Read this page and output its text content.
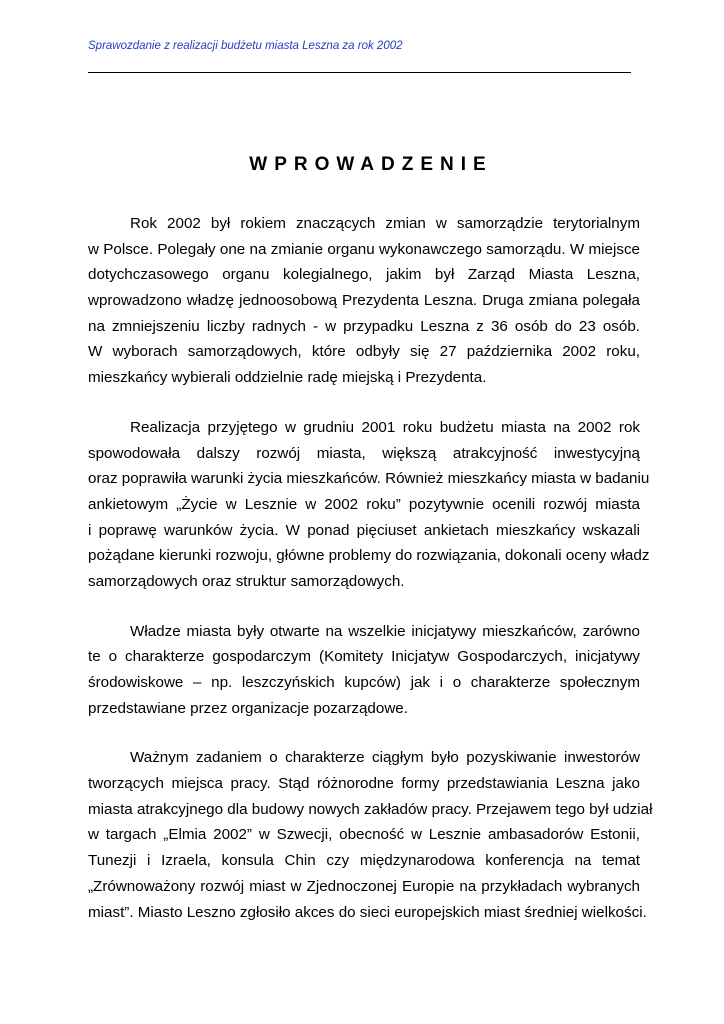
Sprawozdanie z realizacji budżetu miasta Leszna za rok 2002
WPROWADZENIE
Rok 2002 był rokiem znaczących zmian w samorządzie terytorialnym
w Polsce. Polegały one na zmianie organu wykonawczego samorządu. W miejsce
dotychczasowego organu kolegialnego, jakim był Zarząd Miasta Leszna,
wprowadzono władzę jednoosobową Prezydenta Leszna. Druga zmiana polegała
na zmniejszeniu liczby radnych - w przypadku Leszna z 36 osób do 23 osób.
W wyborach samorządowych, które odbyły się 27 października 2002 roku,
mieszkańcy wybierali oddzielnie radę miejską i Prezydenta.
Realizacja przyjętego w grudniu 2001 roku budżetu miasta na 2002 rok
spowodowała dalszy rozwój miasta, większą atrakcyjność inwestycyjną
oraz poprawiła warunki życia mieszkańców. Również mieszkańcy miasta w badaniu
ankietowym „Życie w Lesznie w 2002 roku” pozytywnie ocenili rozwój miasta
i poprawę warunków życia. W ponad pięciuset ankietach mieszkańcy wskazali
pożądane kierunki rozwoju, główne problemy do rozwiązania, dokonali oceny władz
samorządowych oraz struktur samorządowych.
Władze miasta były otwarte na wszelkie inicjatywy mieszkańców, zarówno
te o charakterze gospodarczym (Komitety Inicjatyw Gospodarczych, inicjatywy
środowiskowe – np. leszczyńskich kupców) jak i o charakterze społecznym
przedstawiane przez organizacje pozarządowe.
Ważnym zadaniem o charakterze ciągłym było pozyskiwanie inwestorów
tworzących miejsca pracy. Stąd różnorodne formy przedstawiania Leszna jako
miasta atrakcyjnego dla budowy nowych zakładów pracy. Przejawem tego był udział
w targach „Elmia 2002” w Szwecji, obecność w Lesznie ambasadorów Estonii,
Tunezji i Izraela, konsula Chin czy międzynarodowa konferencja na temat
„Zrównoważony rozwój miast w Zjednoczonej Europie na przykładach wybranych
miast”. Miasto Leszno zgłosiło akces do sieci europejskich miast średniej wielkości.
